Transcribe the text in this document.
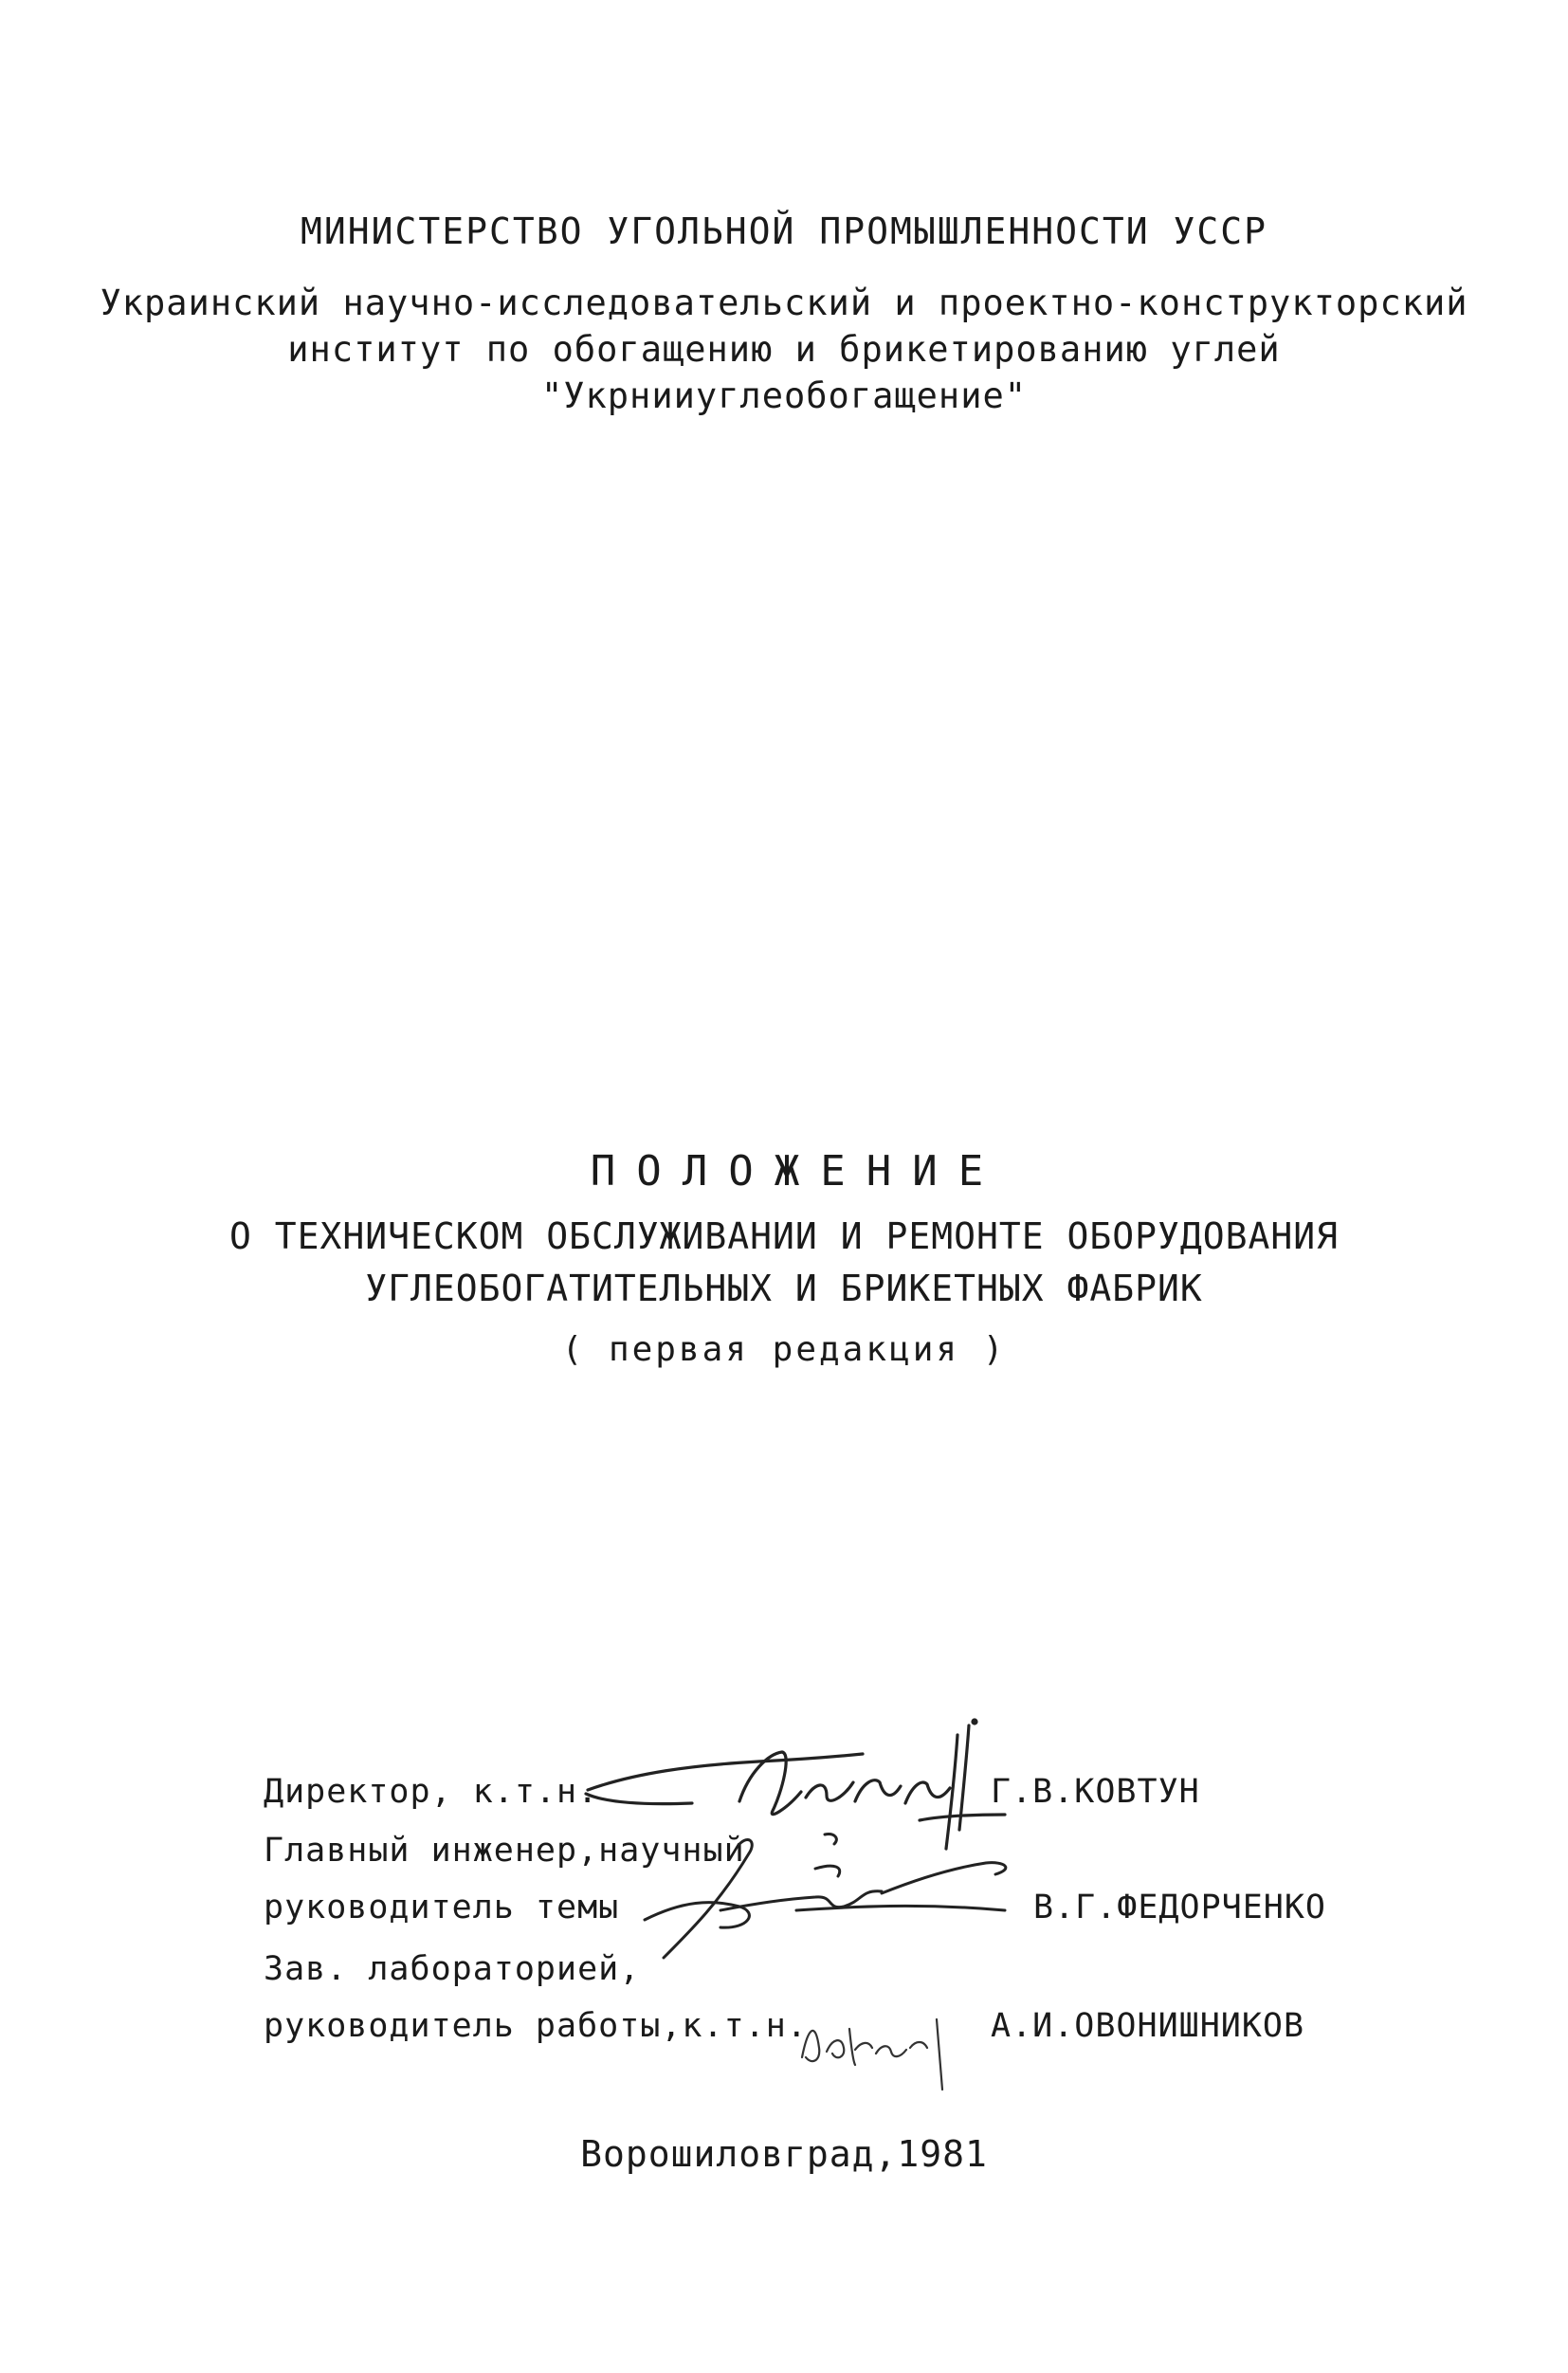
МИНИСТЕРСТВО УГОЛЬНОЙ ПРОМЫШЛЕННОСТИ УССР
Украинский научно-исследовательский и проектно-конструкторский
институт по обогащению и брикетированию углей
"Укрнииуглеобогащение"
ПОЛОЖЕНИЕ
О ТЕХНИЧЕСКОМ ОБСЛУЖИВАНИИ И РЕМОНТЕ ОБОРУДОВАНИЯ
УГЛЕОБОГАТИТЕЛЬНЫХ И БРИКЕТНЫХ ФАБРИК
( первая редакция )
Директор, к.т.н.	Г.В.КОВТУН
Главный инженер,научный
руководитель темы	В.Г.ФЕДОРЧЕНКО
Зав. лабораторией,
руководитель работы,к.т.н.	А.И.ОВОНИШНИКОВ
Ворошиловград,1981
